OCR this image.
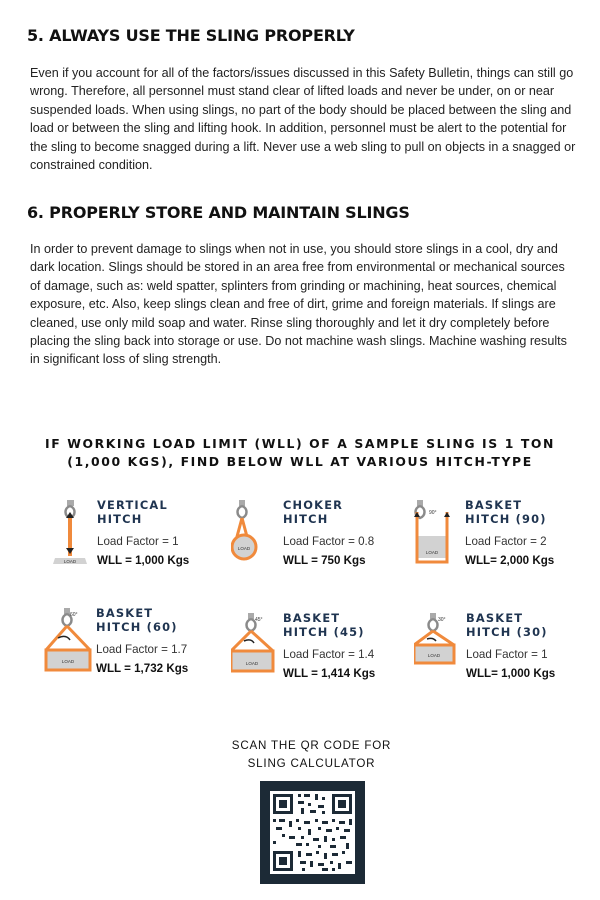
5. ALWAYS USE THE SLING PROPERLY

Even if you account for all of the factors/issues discussed in this Safety Bulletin, things can still go wrong. Therefore, all personnel must stand clear of lifted loads and never be under, on or near suspended loads. When using slings, no part of the body should be placed between the sling and load or between the sling and lifting hook. In addition, personnel must be alert to the potential for the sling to become snagged during a lift. Never use a web sling to pull on objects in a snagged or constrained condition.

6. PROPERLY STORE AND MAINTAIN SLINGS

In order to prevent damage to slings when not in use, you should store slings in a cool, dry and dark location. Slings should be stored in an area free from environmental or mechanical sources of damage, such as: weld spatter, splinters from grinding or machining, heat sources, chemical exposure, etc. Also, keep slings clean and free of dirt, grime and foreign materials. If slings are cleaned, use only mild soap and water. Rinse sling thoroughly and let it dry completely before placing the sling back into storage or use. Do not machine wash slings. Machine washing results in significant loss of sling strength.

IF WORKING LOAD LIMIT (WLL) OF A SAMPLE SLING IS 1 TON
(1,000 KGS), FIND BELOW WLL AT VARIOUS HITCH-TYPE
LOAD
VERTICAL
HITCH
Load Factor = 1
WLL = 1,000 Kgs
LOAD
CHOKER
HITCH
Load Factor = 0.8
WLL = 750 Kgs
90°
LOAD
BASKET
HITCH (90)
Load Factor = 2
WLL= 2,000 Kgs
60°
LOAD
BASKET
HITCH (60)
Load Factor = 1.7
WLL = 1,732 Kgs
45°
LOAD
BASKET
HITCH (45)
Load Factor = 1.4
WLL = 1,414 Kgs
30°
LOAD
BASKET
HITCH (30)
Load Factor = 1
WLL= 1,000 Kgs
SCAN THE QR CODE FOR
SLING CALCULATOR
